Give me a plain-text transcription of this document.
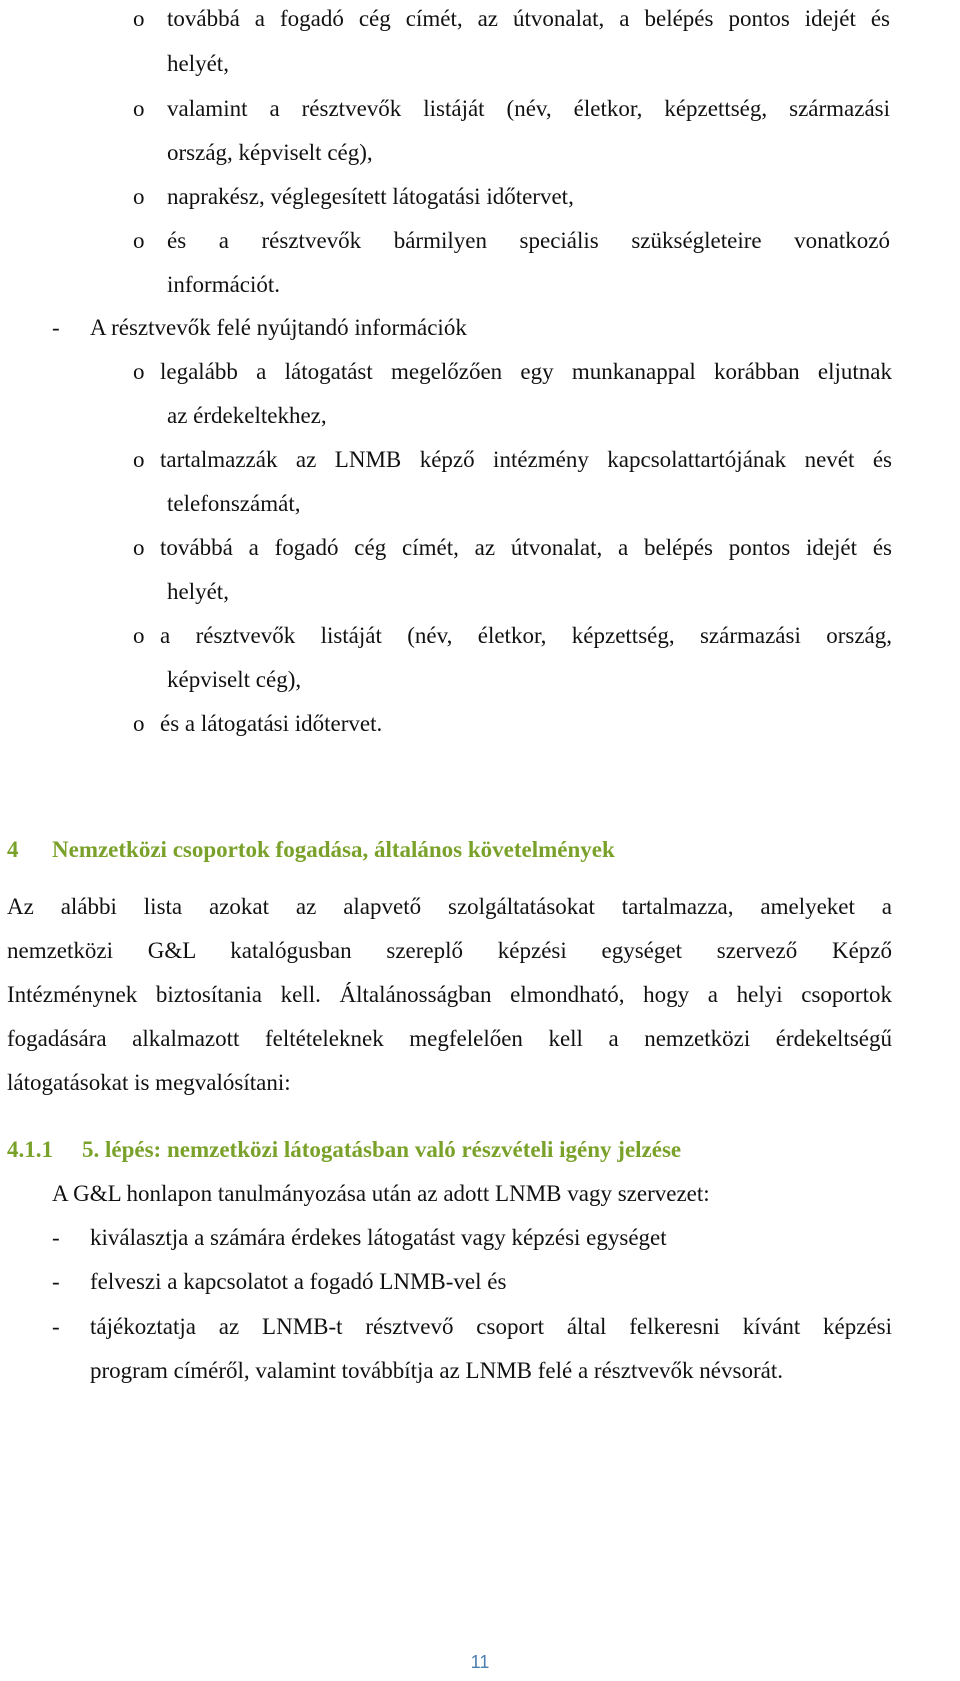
o továbbá a fogadó cég címét, az útvonalat, a belépés pontos idejét és
helyét,
o valamint a résztvevők listáját (név, életkor, képzettség, származási
ország, képviselt cég),
o naprakész, véglegesített látogatási időtervet,
o és a résztvevők bármilyen speciális szükségleteire vonatkozó
információt.
- A résztvevők felé nyújtandó információk
o legalább a látogatást megelőzően egy munkanappal korábban eljutnak
az érdekeltekhez,
o tartalmazzák az LNMB képző intézmény kapcsolattartójának nevét és
telefonszámát,
o továbbá a fogadó cég címét, az útvonalat, a belépés pontos idejét és
helyét,
o a résztvevők listáját (név, életkor, képzettség, származási ország,
képviselt cég),
o és a látogatási időtervet.
4 Nemzetközi csoportok fogadása, általános követelmények
Az alábbi lista azokat az alapvető szolgáltatásokat tartalmazza, amelyeket a
nemzetközi G&L katalógusban szereplő képzési egységet szervező Képző
Intézménynek biztosítania kell. Általánosságban elmondható, hogy a helyi csoportok
fogadására alkalmazott feltételeknek megfelelően kell a nemzetközi érdekeltségű
látogatásokat is megvalósítani:
4.1.1 5. lépés: nemzetközi látogatásban való részvételi igény jelzése
A G&L honlapon tanulmányozása után az adott LNMB vagy szervezet:
- kiválasztja a számára érdekes látogatást vagy képzési egységet
- felveszi a kapcsolatot a fogadó LNMB-vel és
- tájékoztatja az LNMB-t résztvevő csoport által felkeresni kívánt képzési
program címéről, valamint továbbítja az LNMB felé a résztvevők névsorát.
11
